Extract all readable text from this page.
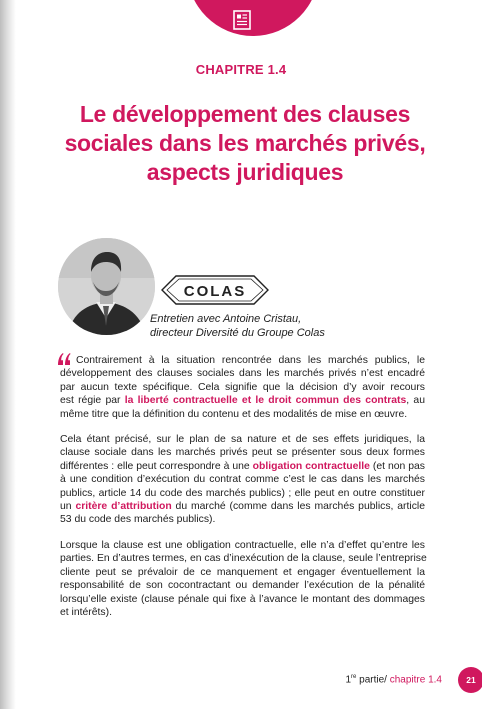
CHAPITRE 1.4
Le développement des clauses
sociales dans les marchés privés,
aspects juridiques
COLAS
Entretien avec Antoine Cristau,
directeur Diversité du Groupe Colas
Contrairement à la situation rencontrée dans les marchés publics, le
développement des clauses sociales dans les marchés privés n’est encadré
par aucun texte spécifique. Cela signifie que la décision d’y avoir recours
est régie par la liberté contractuelle et le droit commun des contrats, au
même titre que la définition du contenu et des modalités de mise en œuvre.
Cela étant précisé, sur le plan de sa nature et de ses effets juridiques, la
clause sociale dans les marchés privés peut se présenter sous deux formes
différentes : elle peut correspondre à une obligation contractuelle (et non pas
à une condition d’exécution du contrat comme c’est le cas dans les marchés
publics, article 14 du code des marchés publics) ; elle peut en outre constituer
un critère d’attribution du marché (comme dans les marchés publics, article
53 du code des marchés publics).
Lorsque la clause est une obligation contractuelle, elle n’a d’effet qu’entre les
parties. En d’autres termes, en cas d’inexécution de la clause, seule l’entreprise
cliente peut se prévaloir de ce manquement et engager éventuellement la
responsabilité de son cocontractant ou demander l’exécution de la pénalité
lorsqu’elle existe (clause pénale qui fixe à l’avance le montant des dommages
et intérêts).
1re partie/ chapitre 1.4	21
